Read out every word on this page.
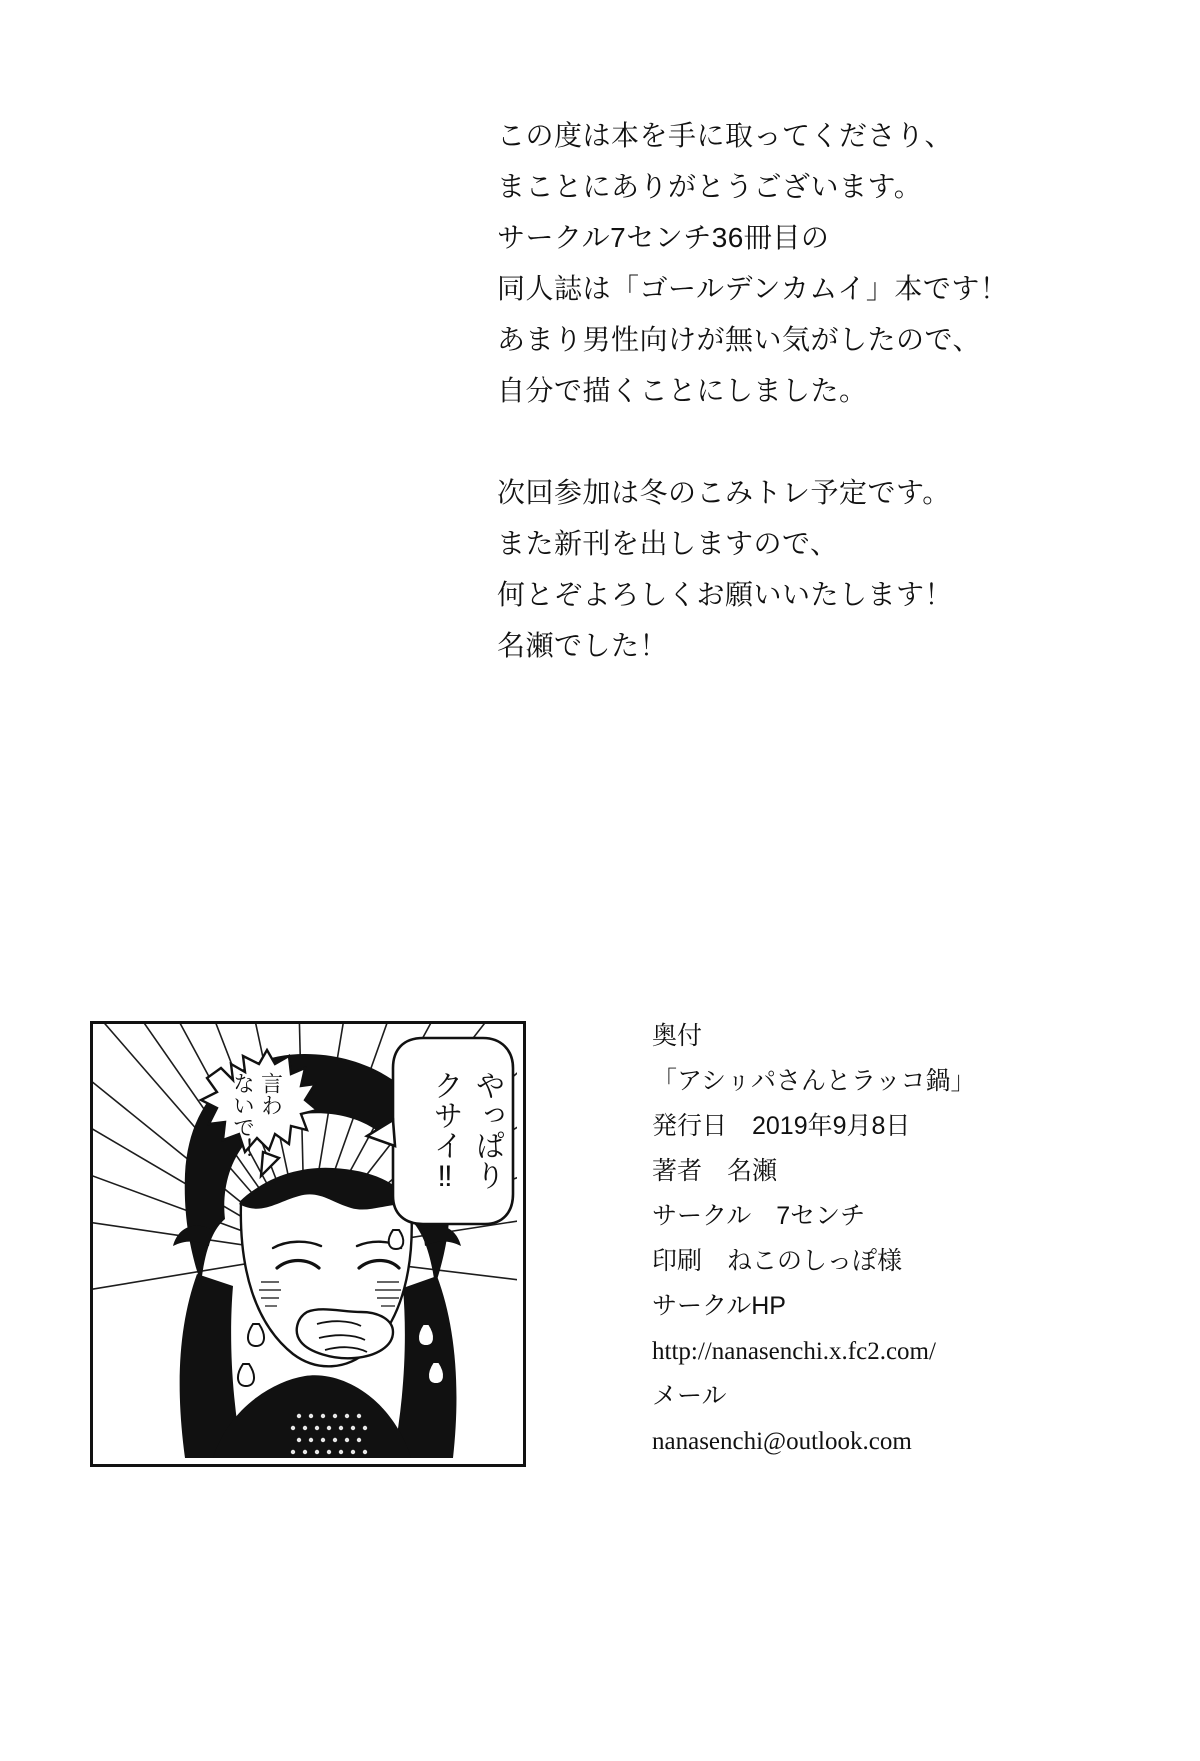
この度は本を手に取ってくださり、

まことにありがとうございます。

サークル7センチ36冊目の

同人誌は「ゴールデンカムイ」本です！

あまり男性向けが無い気がしたので、

自分で描くことにしました。

次回参加は冬のこみトレ予定です。

また新刊を出しますので、

何とぞよろしくお願いいたします！

名瀬でした！

やっぱり
クサイ‼
言わ
ないで！
奥付
「アシㇼパさんとラッコ鍋」
発行日　2019年9月8日
著者　名瀬
サークル　7センチ
印刷　ねこのしっぽ様
サークルHP
http://nanasenchi.x.fc2.com/
メール
nanasenchi@outlook.com
